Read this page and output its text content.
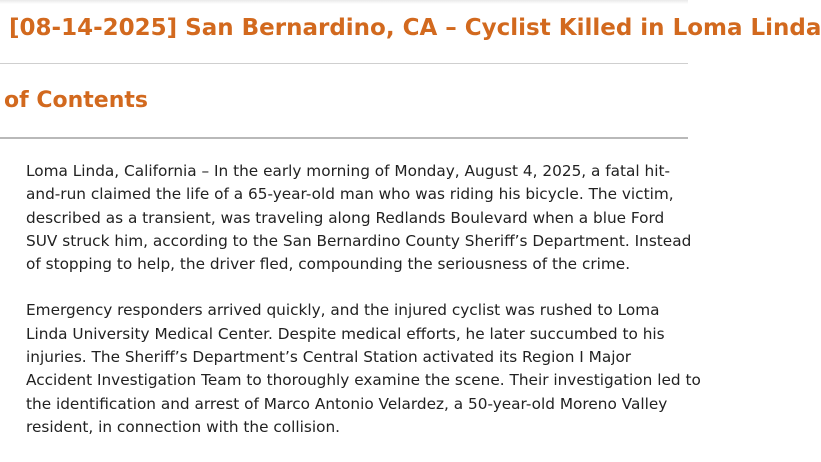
[08-14-2025] San Bernardino, CA – Cyclist Killed in Loma Linda
of Contents

Loma Linda, California – In the early morning of Monday, August 4, 2025, a fatal hit-
and-run claimed the life of a 65-year-old man who was riding his bicycle. The victim,
described as a transient, was traveling along Redlands Boulevard when a blue Ford
SUV struck him, according to the San Bernardino County Sheriff’s Department. Instead
of stopping to help, the driver fled, compounding the seriousness of the crime.

Emergency responders arrived quickly, and the injured cyclist was rushed to Loma
Linda University Medical Center. Despite medical efforts, he later succumbed to his
injuries. The Sheriff’s Department’s Central Station activated its Region I Major
Accident Investigation Team to thoroughly examine the scene. Their investigation led to
the identification and arrest of Marco Antonio Velardez, a 50-year-old Moreno Valley
resident, in connection with the collision.
